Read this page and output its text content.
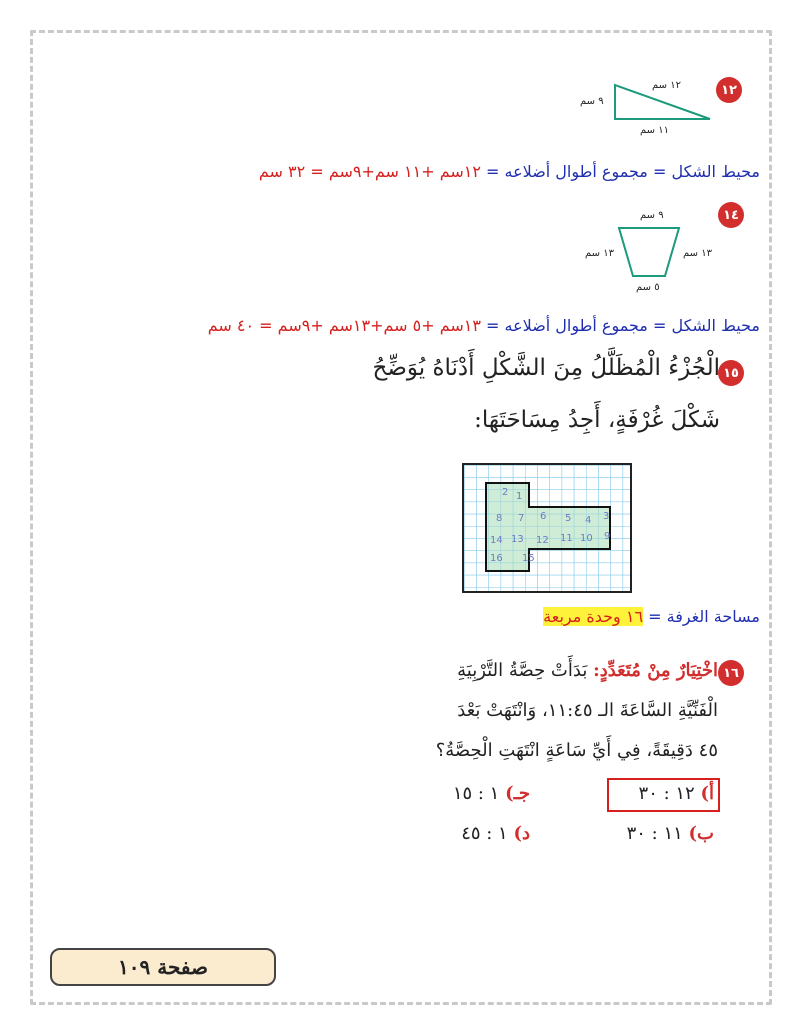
١٢
١٢ سم
٩ سم
١١ سم
محيط الشكل = مجموع أطوال أضلاعه = ١٢سم +١١ سم+٩سم = ٣٢ سم
١٤
٩ سم
١٣ سم	١٣ سم
٥ سم
محيط الشكل = مجموع أطوال أضلاعه = ١٣سم +٥ سم+١٣سم +٩سم = ٤٠ سم
١٥
الْجُزْءُ الْمُظَلَّلُ مِنَ الشَّكْلِ أَدْنَاهُ يُوَضِّحُ
شَكْلَ غُرْفَةٍ، أَجِدُ مِسَاحَتَهَا:
2 1
8 7 6 5 4 3
14 13 12 11 10 9
16 15
مساحة الغرفة = ١٦ وحدة مربعة
١٦
اخْتِيَارٌ مِنْ مُتَعَدِّدٍ: بَدَأَتْ حِصَّةُ التَّرْبِيَةِ
الْفَنِّيَّةِ السَّاعَةَ الـ ١١:٤٥، وَانْتَهَتْ بَعْدَ
٤٥ دَقِيقَةً، فِي أَيِّ سَاعَةٍ انْتَهَتِ الْحِصَّةُ؟
أ) ١٢ : ٣٠
جـ) ١ : ١٥
ب) ١١ : ٣٠
د) ١ : ٤٥
صفحة ١٠٩
